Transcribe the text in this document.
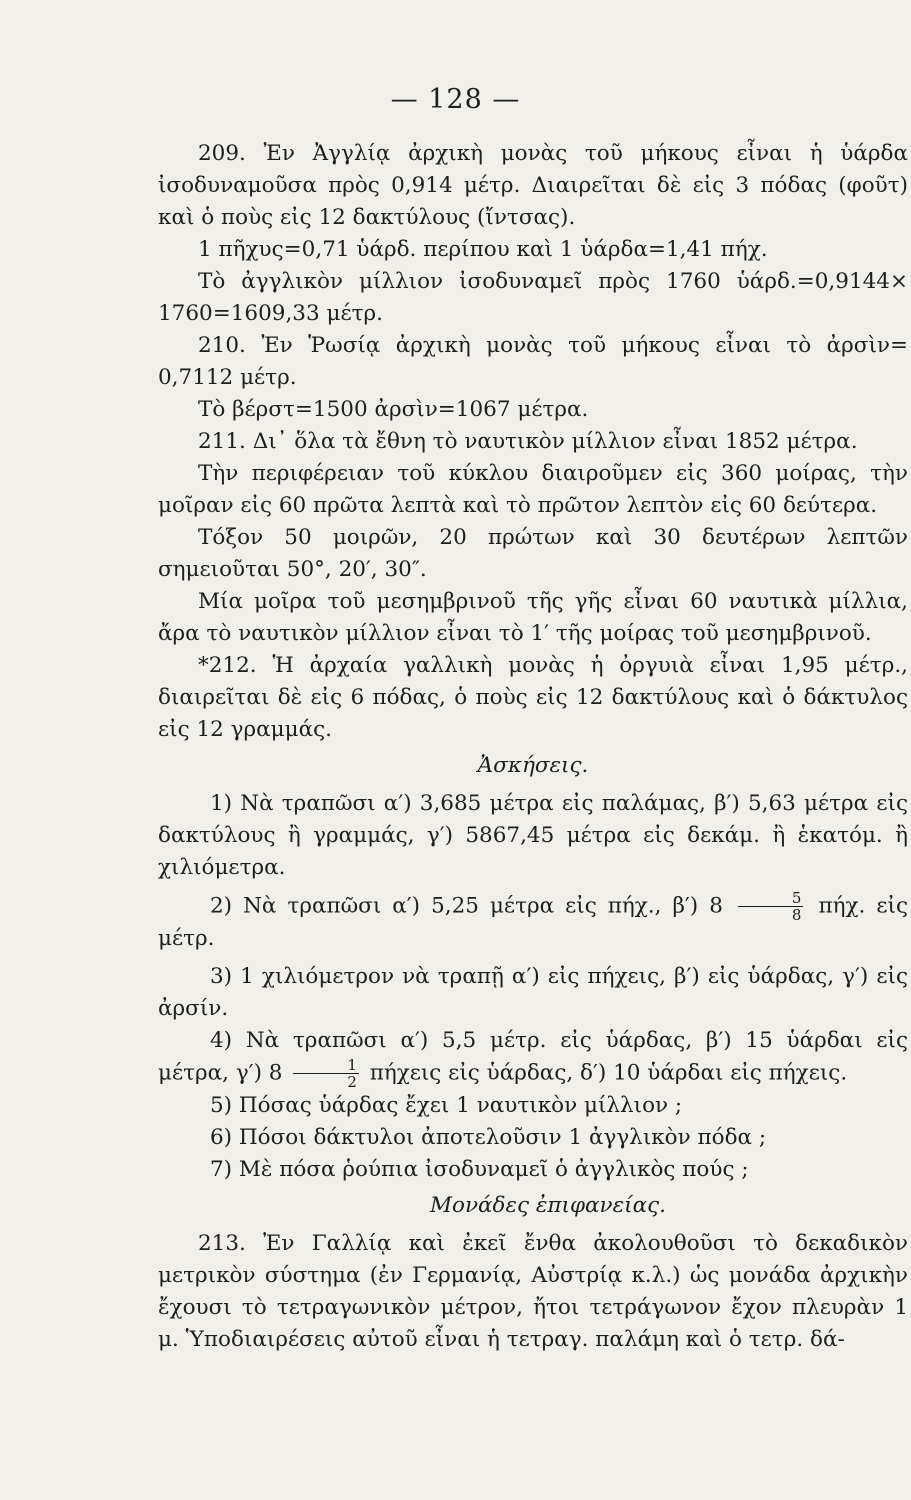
— 128 —

209. Ἐν Ἀγγλίᾳ ἀρχικὴ μονὰς τοῦ μήκους εἶναι ἡ ὑάρδα ἰσοδυναμοῦσα πρὸς 0,914 μέτρ. Διαιρεῖται δὲ εἰς 3 πόδας (φοῦτ) καὶ ὁ ποὺς εἰς 12 δακτύλους (ἴντσας).

1 πῆχυς=0,71 ὑάρδ. περίπου καὶ 1 ὑάρδα=1,41 πήχ.

Τὸ ἀγγλικὸν μίλλιον ἰσοδυναμεῖ πρὸς 1760 ὑάρδ.=0,9144× 1760=1609,33 μέτρ.

210. Ἐν Ῥωσίᾳ ἀρχικὴ μονὰς τοῦ μήκους εἶναι τὸ ἀρσὶν= 0,7112 μέτρ.

Τὸ βέρστ=1500 ἀρσὶν=1067 μέτρα.

211. Δι᾽ ὅλα τὰ ἔθνη τὸ ναυτικὸν μίλλιον εἶναι 1852 μέτρα.

Τὴν περιφέρειαν τοῦ κύκλου διαιροῦμεν εἰς 360 μοίρας, τὴν μοῖραν εἰς 60 πρῶτα λεπτὰ καὶ τὸ πρῶτον λεπτὸν εἰς 60 δεύτερα.

Τόξον 50 μοιρῶν, 20 πρώτων καὶ 30 δευτέρων λεπτῶν σημειοῦται 50°, 20′, 30″.

Μία μοῖρα τοῦ μεσημβρινοῦ τῆς γῆς εἶναι 60 ναυτικὰ μίλλια, ἄρα τὸ ναυτικὸν μίλλιον εἶναι τὸ 1′ τῆς μοίρας τοῦ μεσημβρινοῦ.

*212. Ἡ ἀρχαία γαλλικὴ μονὰς ἡ ὀργυιὰ εἶναι 1,95 μέτρ., διαιρεῖται δὲ εἰς 6 πόδας, ὁ ποὺς εἰς 12 δακτύλους καὶ ὁ δάκτυλος εἰς 12 γραμμάς.

Ἀσκήσεις.

1) Νὰ τραπῶσι α′) 3,685 μέτρα εἰς παλάμας, β′) 5,63 μέτρα εἰς δακτύλους ἢ γραμμάς, γ′) 5867,45 μέτρα εἰς δεκάμ. ἢ ἑκατόμ. ἢ χιλιόμετρα.

2) Νὰ τραπῶσι α′) 5,25 μέτρα εἰς πήχ., β′) $8 \frac{5}{8} \pi ή\chi$. εἰς μέτρ.

3) 1 χιλιόμετρον νὰ τραπῇ α′) εἰς πήχεις, β′) εἰς ὑάρδας, γ′) εἰς ἀρσίν.

4) Νὰ τραπῶσι α′) 5,5 μέτρ. εἰς ὑάρδας, β′) 15 ὑάρδαι εἰς μέτρα, γ′) $8 \frac{1}{2}$ πήχεις εἰς ὑάρδας, δ′) 10 ὑάρδαι εἰς πήχεις.

5) Πόσας ὑάρδας ἔχει 1 ναυτικὸν μίλλιον ;

6) Πόσοι δάκτυλοι ἀποτελοῦσιν 1 ἀγγλικὸν πόδα ;

7) Μὲ πόσα ῥούπια ἰσοδυναμεῖ ὁ ἀγγλικὸς πούς ;

Μονάδες ἐπιφανείας.

213. Ἐν Γαλλίᾳ καὶ ἐκεῖ ἔνθα ἀκολουθοῦσι τὸ δεκαδικὸν μετρικὸν σύστημα (ἐν Γερμανίᾳ, Αὐστρίᾳ κ.λ.) ὡς μονάδα ἀρχικὴν ἔχουσι τὸ τετραγωνικὸν μέτρον, ἤτοι τετράγωνον ἔχον πλευρὰν 1 μ. Ὑποδιαιρέσεις αὐτοῦ εἶναι ἡ τετραγ. παλάμη καὶ ὁ τετρ. δά-
